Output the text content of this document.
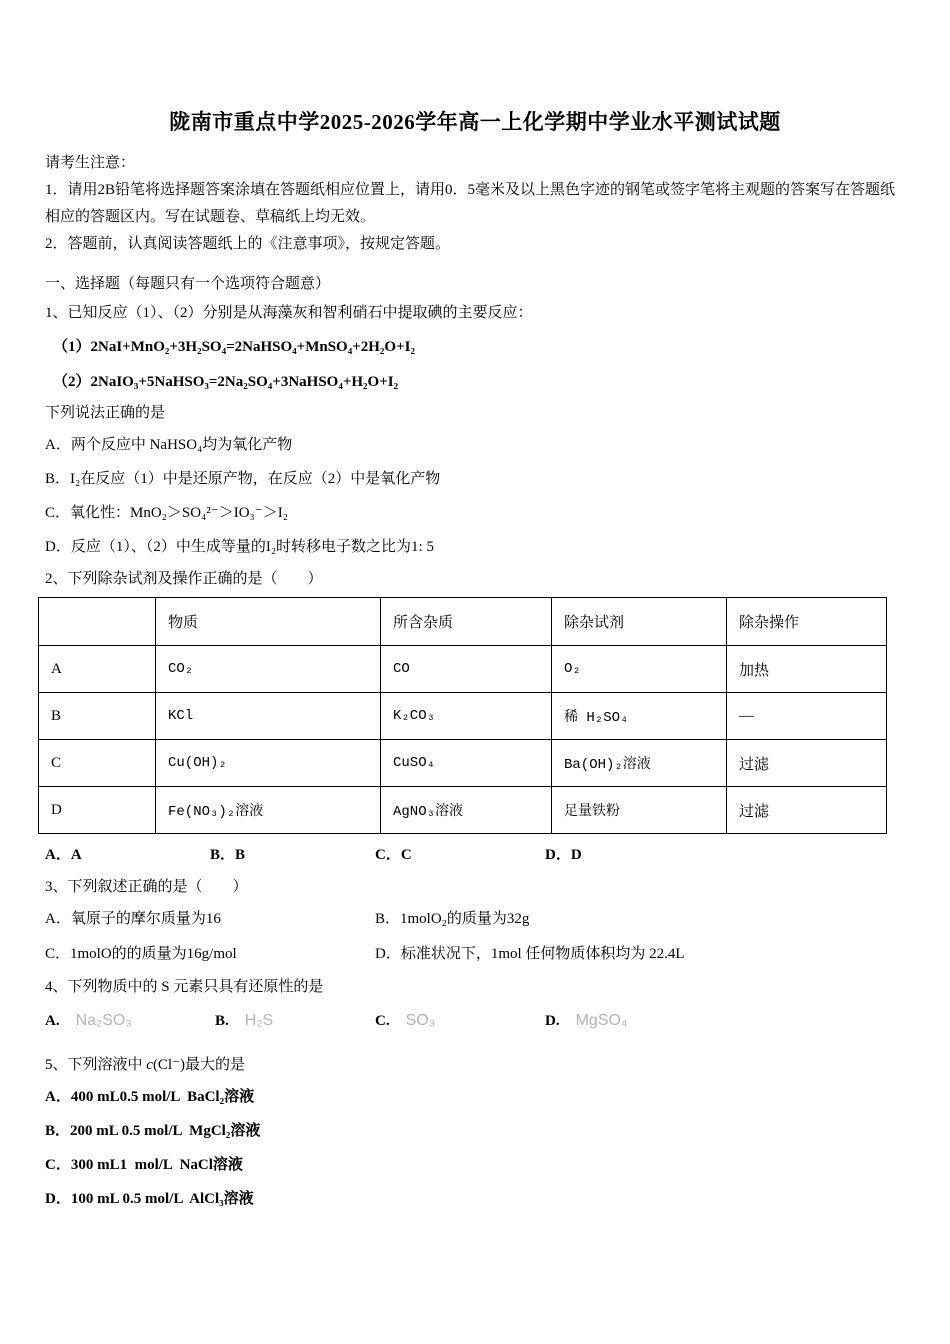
陇南市重点中学2025-2026学年高一上化学期中学业水平测试试题

请考生注意：

1．请用2B铅笔将选择题答案涂填在答题纸相应位置上，请用0．5毫米及以上黑色字迹的钢笔或签字笔将主观题的答案写在答题纸相应的答题区内。写在试题卷、草稿纸上均无效。

2．答题前，认真阅读答题纸上的《注意事项》，按规定答题。

一、选择题（每题只有一个选项符合题意）

1、已知反应（1）、（2）分别是从海藻灰和智利硝石中提取碘的主要反应：

（1）2NaI+MnO₂+3H₂SO₄=2NaHSO₄+MnSO₄+2H₂O+I₂

（2）2NaIO₃+5NaHSO₃=2Na₂SO₄+3NaHSO₄+H₂O+I₂

下列说法正确的是

A．两个反应中 NaHSO₄均为氧化产物

B．I₂在反应（1）中是还原产物，在反应（2）中是氧化产物

C．氧化性：MnO₂＞SO₄²⁻＞IO₃⁻＞I₂

D．反应（1）、（2）中生成等量的I₂时转移电子数之比为1: 5

2、下列除杂试剂及操作正确的是（　　）

	物质	所含杂质	除杂试剂	除杂操作
A	CO₂	CO	O₂	加热
B	KCl	K₂CO₃	稀 H₂SO₄	—
C	Cu(OH)₂	CuSO₄	Ba(OH)₂溶液	过滤
D	Fe(NO₃)₂溶液	AgNO₃溶液	足量铁粉	过滤
A．A	B．B	C．C	D．D

3、下列叙述正确的是（　　）

A．氧原子的摩尔质量为16	B．1molO₂的质量为32g
C．1molO的的质量为16g/mol	D．标准状况下，1mol 任何物质体积均为 22.4L

4、下列物质中的 S 元素只具有还原性的是

A. Na₂SO₃	B. H₂S	C. SO₃	D. MgSO₄

5、下列溶液中 c(Cl⁻)最大的是

A．400 mL0.5 mol/L  BaCl₂溶液

B．200 mL 0.5 mol/L  MgCl₂溶液

C．300 mL1  mol/L  NaCl溶液

D．100 mL 0.5 mol/L  AlCl₃溶液
